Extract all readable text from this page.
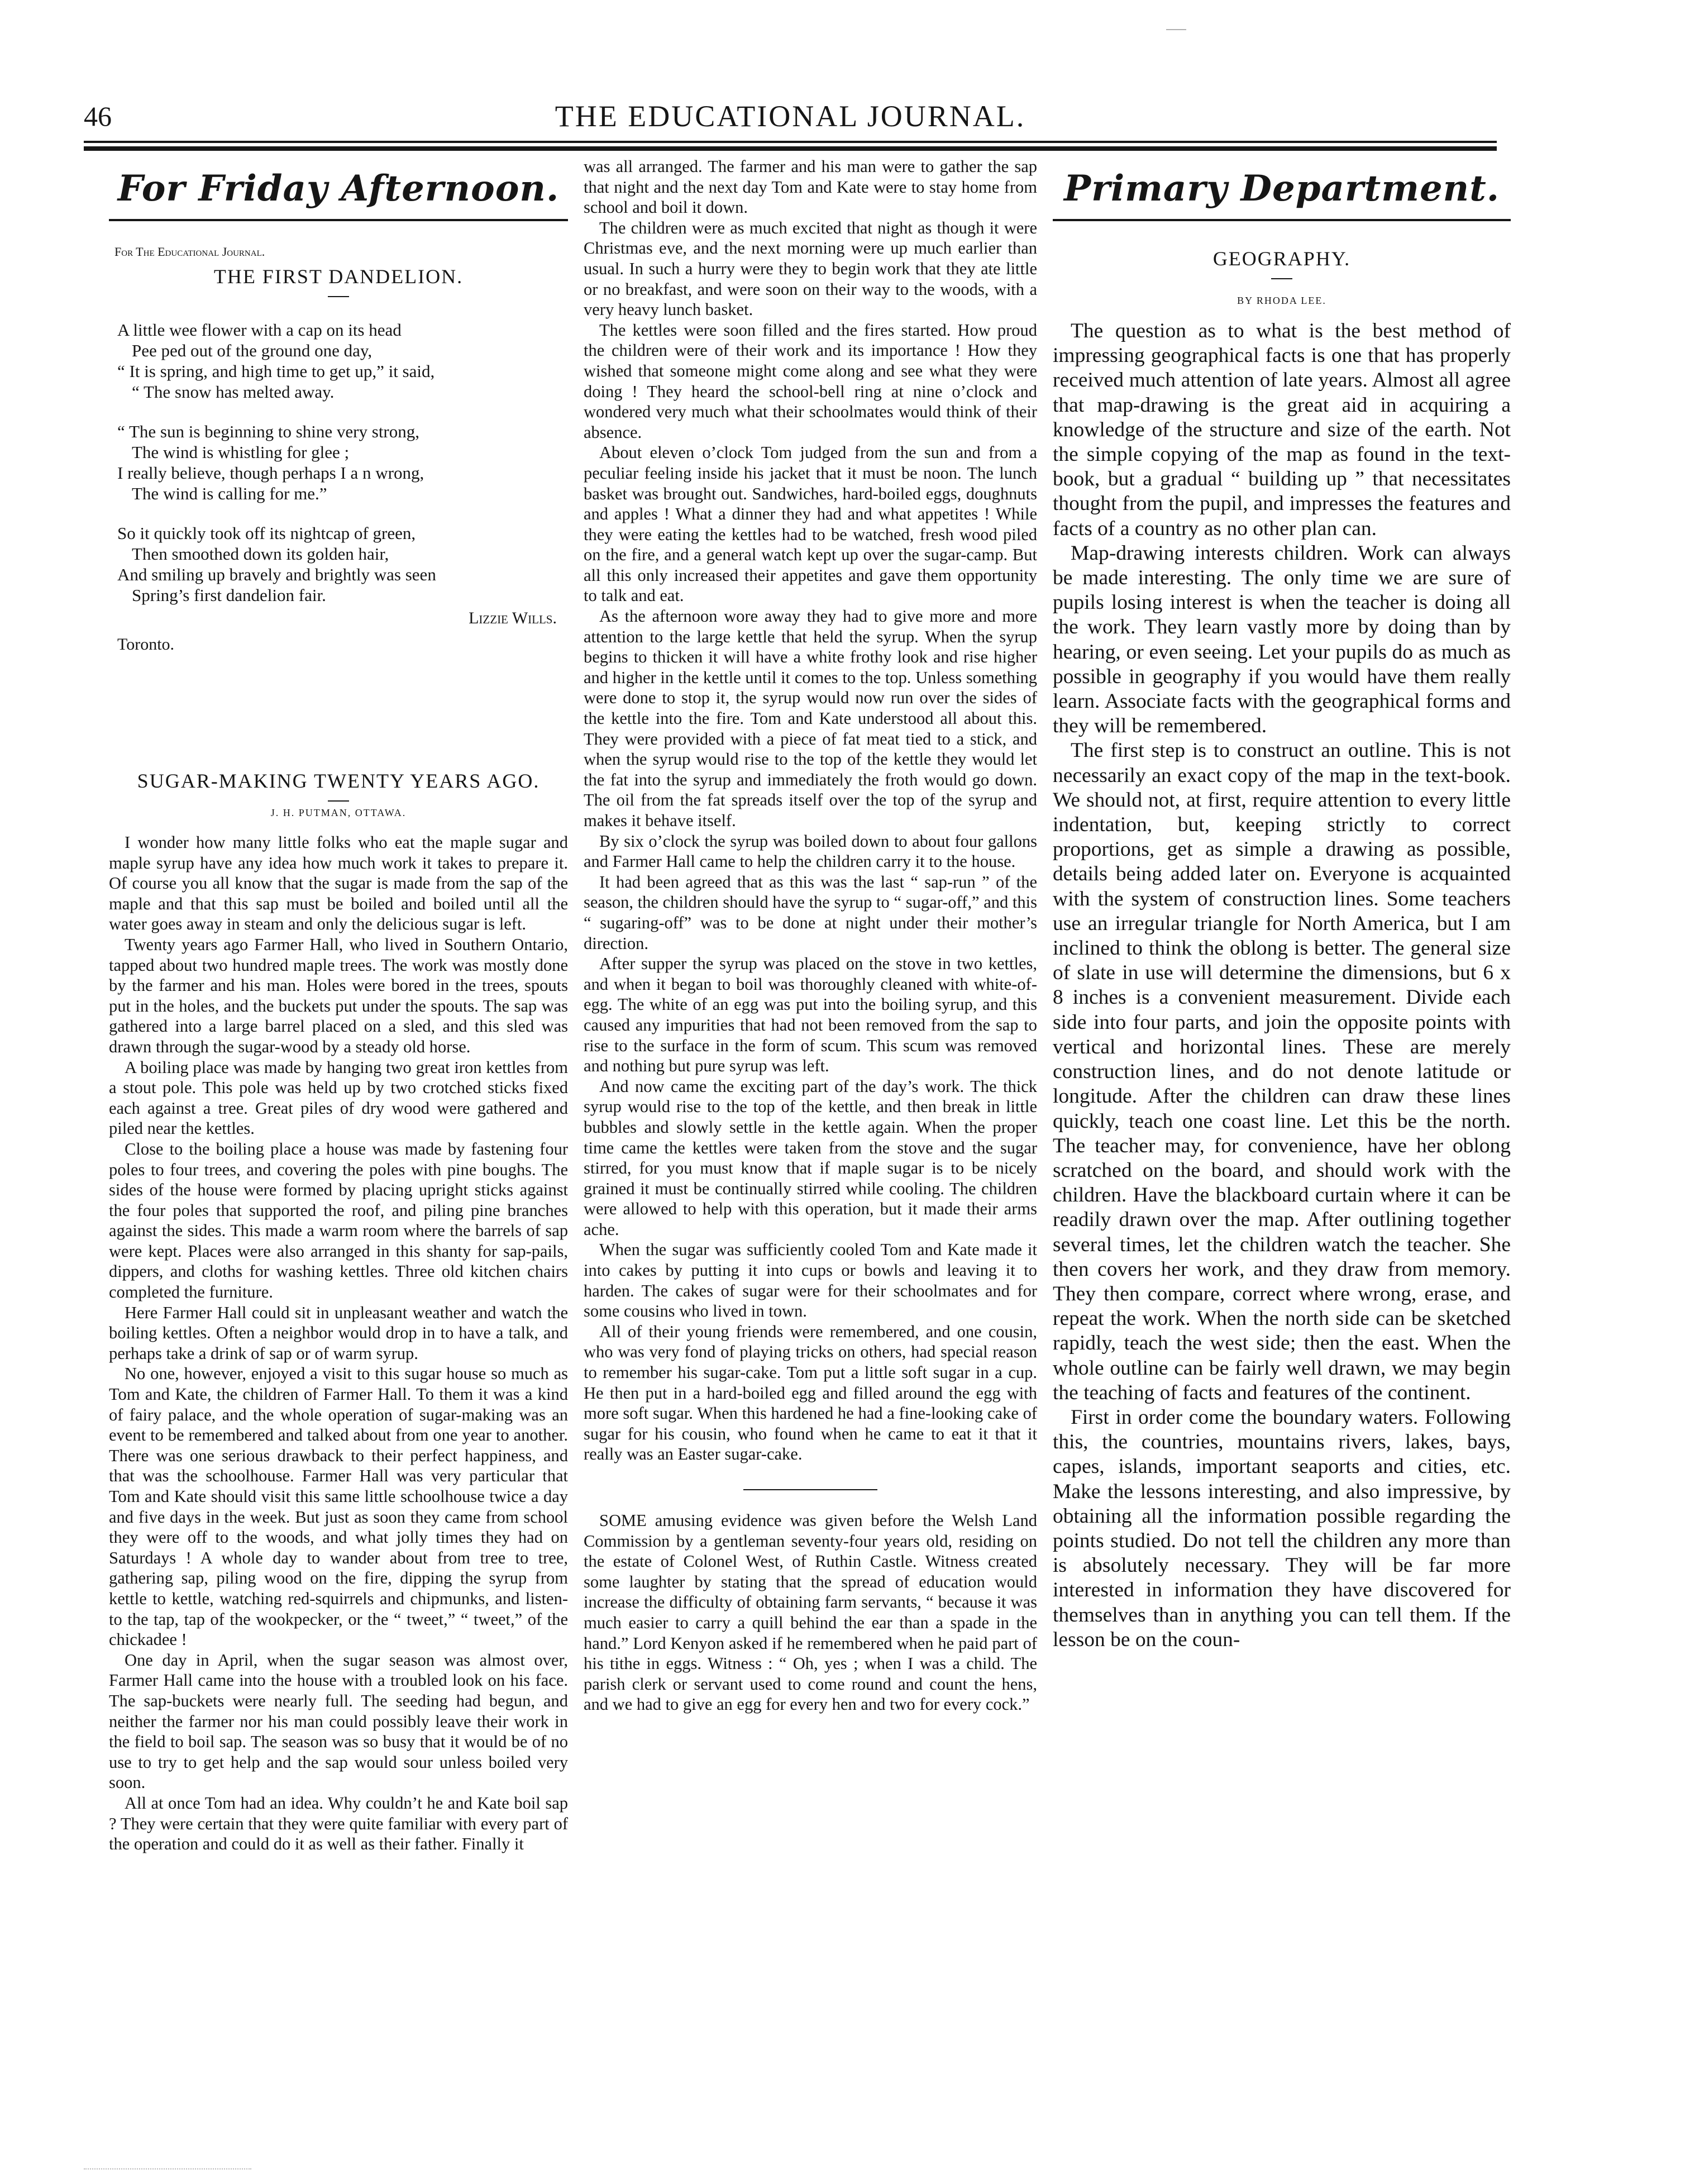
46	THE EDUCATIONAL JOURNAL.
For Friday Afternoon.
For The Educational Journal.
THE FIRST DANDELION.

A little wee flower with a cap on its head

Pee ped out of the ground one day,

“ It is spring, and high time to get up,” it said,

“ The snow has melted away.

“ The sun is beginning to shine very strong,

The wind is whistling for glee ;

I really believe, though perhaps I a n wrong,

The wind is calling for me.”

So it quickly took off its nightcap of green,

Then smoothed down its golden hair,

And smiling up bravely and brightly was seen

Spring’s first dandelion fair.

Lizzie Wills.
Toronto.
SUGAR-MAKING TWENTY YEARS AGO.
J. H. PUTMAN, OTTAWA.

I wonder how many little folks who eat the maple sugar and maple syrup have any idea how much work it takes to prepare it. Of course you all know that the sugar is made from the sap of the maple and that this sap must be boiled and boiled until all the water goes away in steam and only the delicious sugar is left.

Twenty years ago Farmer Hall, who lived in Southern Ontario, tapped about two hundred maple trees. The work was mostly done by the farmer and his man. Holes were bored in the trees, spouts put in the holes, and the buckets put under the spouts. The sap was gathered into a large barrel placed on a sled, and this sled was drawn through the sugar-wood by a steady old horse.

A boiling place was made by hanging two great iron kettles from a stout pole. This pole was held up by two crotched sticks fixed each against a tree. Great piles of dry wood were gathered and piled near the kettles.

Close to the boiling place a house was made by fastening four poles to four trees, and covering the poles with pine boughs. The sides of the house were formed by placing upright sticks against the four poles that supported the roof, and piling pine branches against the sides. This made a warm room where the barrels of sap were kept. Places were also arranged in this shanty for sap-pails, dippers, and cloths for washing kettles. Three old kitchen chairs completed the furniture.

Here Farmer Hall could sit in unpleasant weather and watch the boiling kettles. Often a neighbor would drop in to have a talk, and perhaps take a drink of sap or of warm syrup.

No one, however, enjoyed a visit to this sugar house so much as Tom and Kate, the children of Farmer Hall. To them it was a kind of fairy palace, and the whole operation of sugar-making was an event to be remembered and talked about from one year to another. There was one serious drawback to their perfect happiness, and that was the schoolhouse. Farmer Hall was very particular that Tom and Kate should visit this same little schoolhouse twice a day and five days in the week. But just as soon they came from school they were off to the woods, and what jolly times they had on Saturdays ! A whole day to wander about from tree to tree, gathering sap, piling wood on the fire, dipping the syrup from kettle to kettle, watching red-squirrels and chipmunks, and listen- to the tap, tap of the wookpecker, or the “ tweet,” “ tweet,” of the chickadee !

One day in April, when the sugar season was almost over, Farmer Hall came into the house with a troubled look on his face. The sap-buckets were nearly full. The seeding had begun, and neither the farmer nor his man could possibly leave their work in the field to boil sap. The season was so busy that it would be of no use to try to get help and the sap would sour unless boiled very soon.

All at once Tom had an idea. Why couldn’t he and Kate boil sap ? They were certain that they were quite familiar with every part of the operation and could do it as well as their father. Finally it

was all arranged. The farmer and his man were to gather the sap that night and the next day Tom and Kate were to stay home from school and boil it down.

The children were as much excited that night as though it were Christmas eve, and the next morning were up much earlier than usual. In such a hurry were they to begin work that they ate little or no breakfast, and were soon on their way to the woods, with a very heavy lunch basket.

The kettles were soon filled and the fires started. How proud the children were of their work and its importance ! How they wished that someone might come along and see what they were doing ! They heard the school-bell ring at nine o’clock and wondered very much what their schoolmates would think of their absence.

About eleven o’clock Tom judged from the sun and from a peculiar feeling inside his jacket that it must be noon. The lunch basket was brought out. Sandwiches, hard-boiled eggs, doughnuts and apples ! What a dinner they had and what appetites ! While they were eating the kettles had to be watched, fresh wood piled on the fire, and a general watch kept up over the sugar-camp. But all this only increased their appetites and gave them opportunity to talk and eat.

As the afternoon wore away they had to give more and more attention to the large kettle that held the syrup. When the syrup begins to thicken it will have a white frothy look and rise higher and higher in the kettle until it comes to the top. Unless something were done to stop it, the syrup would now run over the sides of the kettle into the fire. Tom and Kate understood all about this. They were provided with a piece of fat meat tied to a stick, and when the syrup would rise to the top of the kettle they would let the fat into the syrup and immediately the froth would go down. The oil from the fat spreads itself over the top of the syrup and makes it behave itself.

By six o’clock the syrup was boiled down to about four gallons and Farmer Hall came to help the children carry it to the house.

It had been agreed that as this was the last “ sap-run ” of the season, the children should have the syrup to “ sugar-off,” and this “ sugaring-off” was to be done at night under their mother’s direction.

After supper the syrup was placed on the stove in two kettles, and when it began to boil was thoroughly cleaned with white-of-egg. The white of an egg was put into the boiling syrup, and this caused any impurities that had not been removed from the sap to rise to the surface in the form of scum. This scum was removed and nothing but pure syrup was left.

And now came the exciting part of the day’s work. The thick syrup would rise to the top of the kettle, and then break in little bubbles and slowly settle in the kettle again. When the proper time came the kettles were taken from the stove and the sugar stirred, for you must know that if maple sugar is to be nicely grained it must be continually stirred while cooling. The children were allowed to help with this operation, but it made their arms ache.

When the sugar was sufficiently cooled Tom and Kate made it into cakes by putting it into cups or bowls and leaving it to harden. The cakes of sugar were for their schoolmates and for some cousins who lived in town.

All of their young friends were remembered, and one cousin, who was very fond of playing tricks on others, had special reason to remember his sugar-cake. Tom put a little soft sugar in a cup. He then put in a hard-boiled egg and filled around the egg with more soft sugar. When this hardened he had a fine-looking cake of sugar for his cousin, who found when he came to eat it that it really was an Easter sugar-cake.

SOME amusing evidence was given before the Welsh Land Commission by a gentleman seventy-four years old, residing on the estate of Colonel West, of Ruthin Castle. Witness created some laughter by stating that the spread of education would increase the difficulty of obtaining farm servants, “ because it was much easier to carry a quill behind the ear than a spade in the hand.” Lord Kenyon asked if he remembered when he paid part of his tithe in eggs. Witness : “ Oh, yes ; when I was a child. The parish clerk or servant used to come round and count the hens, and we had to give an egg for every hen and two for every cock.”

Primary Department.
GEOGRAPHY.
BY RHODA LEE.

The question as to what is the best method of impressing geographical facts is one that has properly received much attention of late years. Almost all agree that map-drawing is the great aid in acquiring a knowledge of the structure and size of the earth. Not the simple copying of the map as found in the text-book, but a gradual “ building up ” that necessitates thought from the pupil, and impresses the features and facts of a country as no other plan can.

Map-drawing interests children. Work can always be made interesting. The only time we are sure of pupils losing interest is when the teacher is doing all the work. They learn vastly more by doing than by hearing, or even seeing. Let your pupils do as much as possible in geography if you would have them really learn. Associate facts with the geographical forms and they will be remembered.

The first step is to construct an outline. This is not necessarily an exact copy of the map in the text-book. We should not, at first, require attention to every little indentation, but, keeping strictly to correct proportions, get as simple a drawing as possible, details being added later on. Everyone is acquainted with the system of construction lines. Some teachers use an irregular triangle for North America, but I am inclined to think the oblong is better. The general size of slate in use will determine the dimensions, but 6 x 8 inches is a convenient measurement. Divide each side into four parts, and join the opposite points with vertical and horizontal lines. These are merely construction lines, and do not denote latitude or longitude. After the children can draw these lines quickly, teach one coast line. Let this be the north. The teacher may, for convenience, have her oblong scratched on the board, and should work with the children. Have the blackboard curtain where it can be readily drawn over the map. After outlining together several times, let the children watch the teacher. She then covers her work, and they draw from memory. They then compare, correct where wrong, erase, and repeat the work. When the north side can be sketched rapidly, teach the west side; then the east. When the whole outline can be fairly well drawn, we may begin the teaching of facts and features of the continent.

First in order come the boundary waters. Following this, the countries, mountains rivers, lakes, bays, capes, islands, important seaports and cities, etc. Make the lessons interesting, and also impressive, by obtaining all the information possible regarding the points studied. Do not tell the children any more than is absolutely necessary. They will be far more interested in information they have discovered for themselves than in anything you can tell them. If the lesson be on the coun-
